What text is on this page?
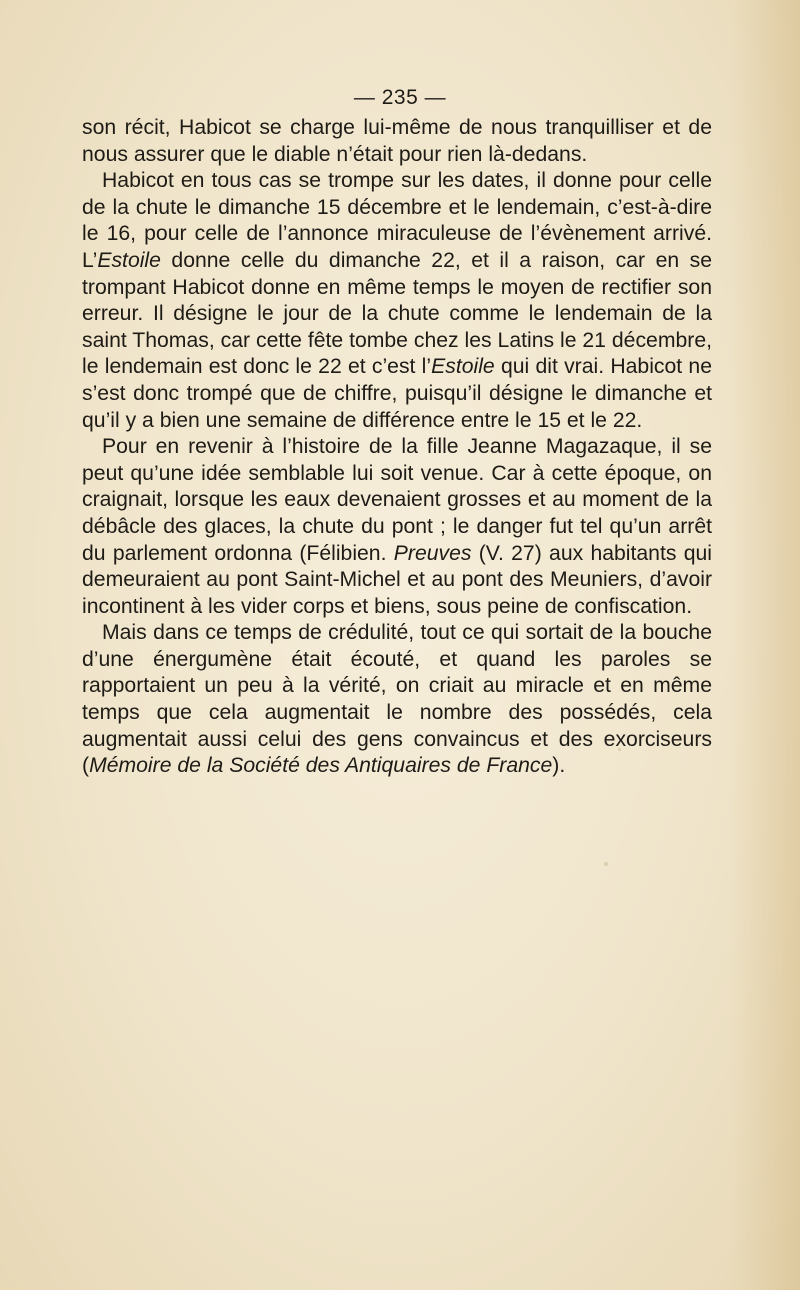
— 235 —

son récit, Habicot se charge lui-même de nous tranquilliser et de nous assurer que le diable n’était pour rien là-dedans.

Habicot en tous cas se trompe sur les dates, il donne pour celle de la chute le dimanche 15 décembre et le lendemain, c’est-à-dire le 16, pour celle de l’annonce miraculeuse de l’évènement arrivé. L’Estoile donne celle du dimanche 22, et il a raison, car en se trompant Habicot donne en même temps le moyen de rectifier son erreur. Il désigne le jour de la chute comme le lendemain de la saint Thomas, car cette fête tombe chez les Latins le 21 décembre, le lendemain est donc le 22 et c’est l’Estoile qui dit vrai. Habicot ne s’est donc trompé que de chiffre, puisqu’il désigne le dimanche et qu’il y a bien une semaine de différence entre le 15 et le 22.

Pour en revenir à l’histoire de la fille Jeanne Magazaque, il se peut qu’une idée semblable lui soit venue. Car à cette époque, on craignait, lorsque les eaux devenaient grosses et au moment de la débâcle des glaces, la chute du pont ; le danger fut tel qu’un arrêt du parlement ordonna (Félibien. Preuves (V. 27) aux habitants qui demeuraient au pont Saint-Michel et au pont des Meuniers, d’avoir incontinent à les vider corps et biens, sous peine de confiscation.

Mais dans ce temps de crédulité, tout ce qui sortait de la bouche d’une énergumène était écouté, et quand les paroles se rapportaient un peu à la vérité, on criait au miracle et en même temps que cela augmentait le nombre des possédés, cela augmentait aussi celui des gens convaincus et des exorciseurs (Mémoire de la Société des Antiquaires de France).
